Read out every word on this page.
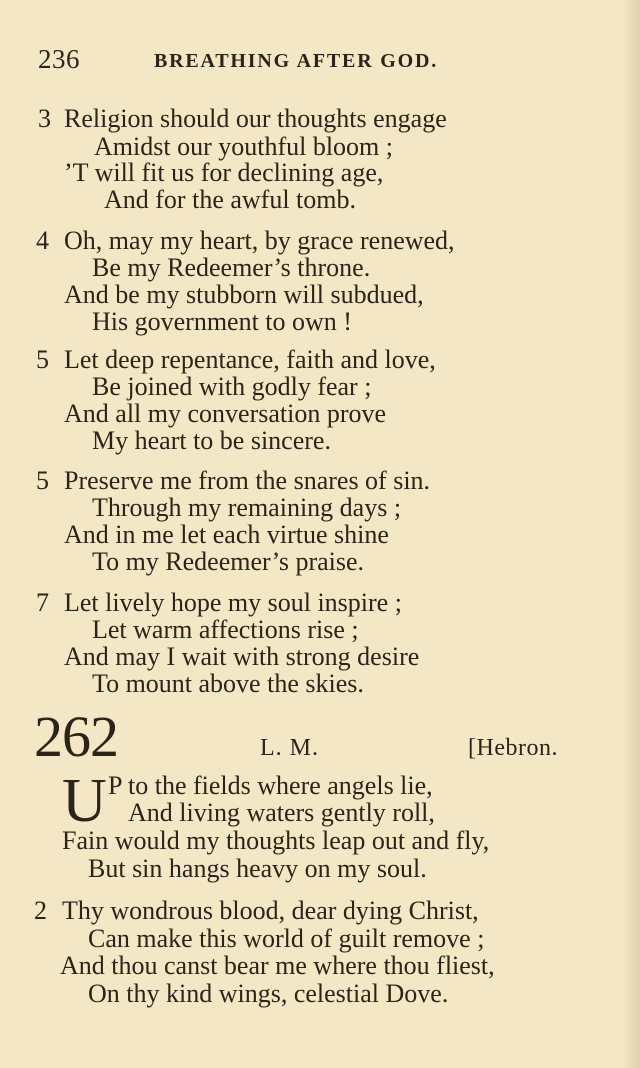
236	BREATHING AFTER GOD.
3 Religion should our thoughts engage
Amidst our youthful bloom ;
’T will fit us for declining age,
And for the awful tomb.
4 Oh, may my heart, by grace renewed,
Be my Redeemer’s throne.
And be my stubborn will subdued,
His government to own !
5 Let deep repentance, faith and love,
Be joined with godly fear ;
And all my conversation prove
My heart to be sincere.
5 Preserve me from the snares of sin.
Through my remaining days ;
And in me let each virtue shine
To my Redeemer’s praise.
7 Let lively hope my soul inspire ;
Let warm affections rise ;
And may I wait with strong desire
To mount above the skies.
262	L. M.	[Hebron.
U P to the fields where angels lie,
And living waters gently roll,
Fain would my thoughts leap out and fly,
But sin hangs heavy on my soul.
2 Thy wondrous blood, dear dying Christ,
Can make this world of guilt remove ;
And thou canst bear me where thou fliest,
On thy kind wings, celestial Dove.
